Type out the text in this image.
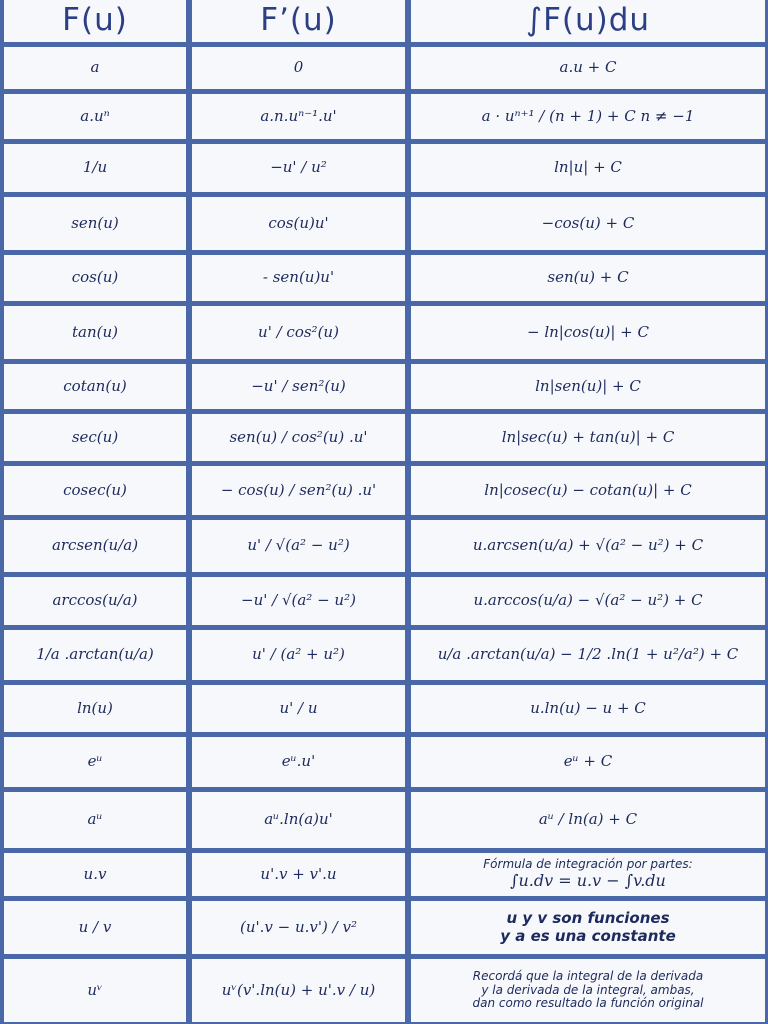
F(u)
a
a.uⁿ
1/u
sen(u)
cos(u)
tan(u)
cotan(u)
sec(u)
cosec(u)
arcsen(u/a)
arccos(u/a)
1/a .arctan(u/a)
ln(u)
eᵘ
aᵘ
u.v
u / v
uᵛ
F’(u)
0
a.n.uⁿ⁻¹.u'
−u' / u²
cos(u)u'
- sen(u)u'
u' / cos²(u)
−u' / sen²(u)
sen(u) / cos²(u) .u'
− cos(u) / sen²(u) .u'
u' / √(a² − u²)
−u' / √(a² − u²)
u' / (a² + u²)
u' / u
eᵘ.u'
aᵘ.ln(a)u'
u'.v + v'.u
(u'.v − u.v') / v²
uᵛ(v'.ln(u) + u'.v / u)
∫F(u)du
a.u + C
a · uⁿ⁺¹ / (n + 1) + C n ≠ −1
ln|u| + C
−cos(u) + C
sen(u) + C
− ln|cos(u)| + C
ln|sen(u)| + C
ln|sec(u) + tan(u)| + C
ln|cosec(u) − cotan(u)| + C
u.arcsen(u/a) + √(a² − u²) + C
u.arccos(u/a) − √(a² − u²) + C
u/a .arctan(u/a) − 1/2 .ln(1 + u²/a²) + C
u.ln(u) − u + C
eᵘ + C
aᵘ / ln(a) + C
Fórmula de integración por partes:
∫u.dv = u.v − ∫v.du
u y v son funciones
y a es una constante
Recordá que la integral de la derivada
y la derivada de la integral, ambas,
dan como resultado la función original
